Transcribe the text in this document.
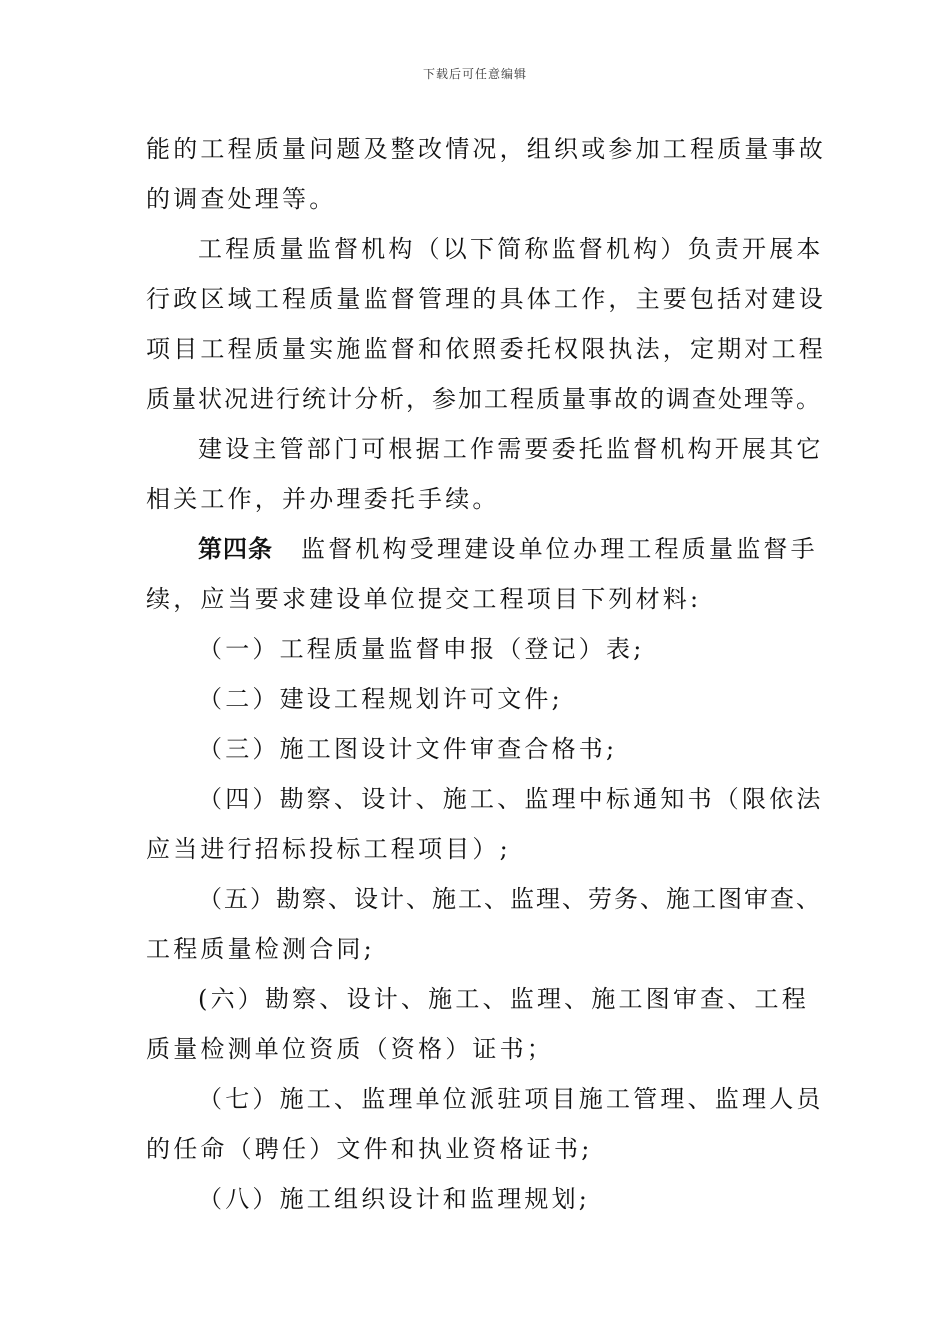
下载后可任意编辑
能的工程质量问题及整改情况，组织或参加工程质量事故
的调查处理等。
工程质量监督机构（以下简称监督机构）负责开展本
行政区域工程质量监督管理的具体工作，主要包括对建设
项目工程质量实施监督和依照委托权限执法，定期对工程
质量状况进行统计分析，参加工程质量事故的调查处理等。
建设主管部门可根据工作需要委托监督机构开展其它
相关工作，并办理委托手续。
第四条 监督机构受理建设单位办理工程质量监督手
续，应当要求建设单位提交工程项目下列材料:
（一）工程质量监督申报（登记）表;
（二）建设工程规划许可文件;
（三）施工图设计文件审查合格书;
（四）勘察、设计、施工、监理中标通知书（限依法
应当进行招标投标工程项目）;
（五）勘察、设计、施工、监理、劳务、施工图审查、
工程质量检测合同;
(六）勘察、设计、施工、监理、施工图审查、工程
质量检测单位资质（资格）证书；
（七）施工、监理单位派驻项目施工管理、监理人员
的任命（聘任）文件和执业资格证书;
（八）施工组织设计和监理规划;
